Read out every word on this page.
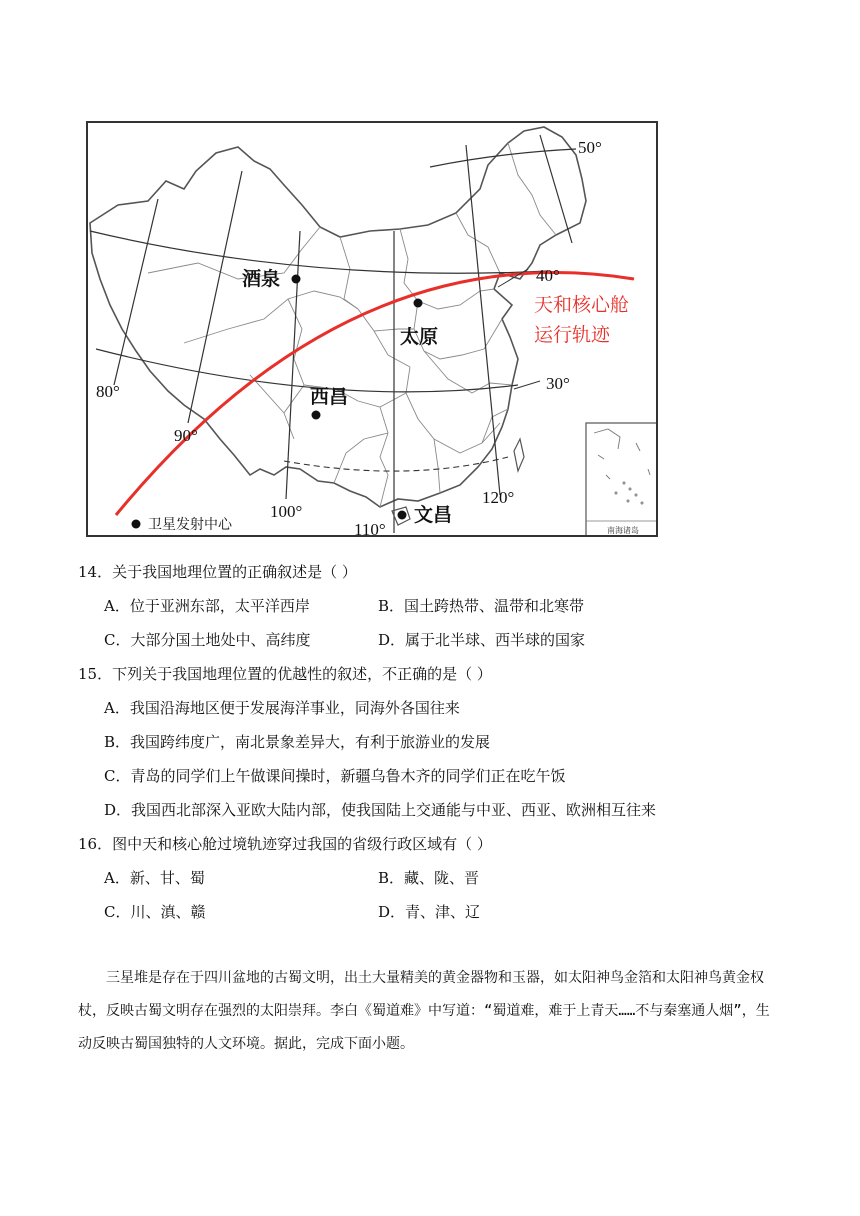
酒泉
太原
西昌
文昌
天和核心舱
运行轨迹
卫星发射中心	南海诸岛
50°
40°
30°
80°
90°
100°
110°
120°
14．关于我国地理位置的正确叙述是（ ）
A．位于亚洲东部，太平洋西岸	B．国土跨热带、温带和北寒带
C．大部分国土地处中、高纬度	D．属于北半球、西半球的国家
15．下列关于我国地理位置的优越性的叙述，不正确的是（ ）
A．我国沿海地区便于发展海洋事业，同海外各国往来
B．我国跨纬度广，南北景象差异大，有利于旅游业的发展
C．青岛的同学们上午做课间操时，新疆乌鲁木齐的同学们正在吃午饭
D．我国西北部深入亚欧大陆内部，使我国陆上交通能与中亚、西亚、欧洲相互往来
16．图中天和核心舱过境轨迹穿过我国的省级行政区域有（ ）
A．新、甘、蜀	B．藏、陇、晋
C．川、滇、赣	D．青、津、辽

三星堆是存在于四川盆地的古蜀文明，出土大量精美的黄金器物和玉器，如太阳神鸟金箔和太阳神鸟黄金权杖，反映古蜀文明存在强烈的太阳崇拜。李白《蜀道难》中写道：“蜀道难，难于上青天……不与秦塞通人烟”，生动反映古蜀国独特的人文环境。据此，完成下面小题。
